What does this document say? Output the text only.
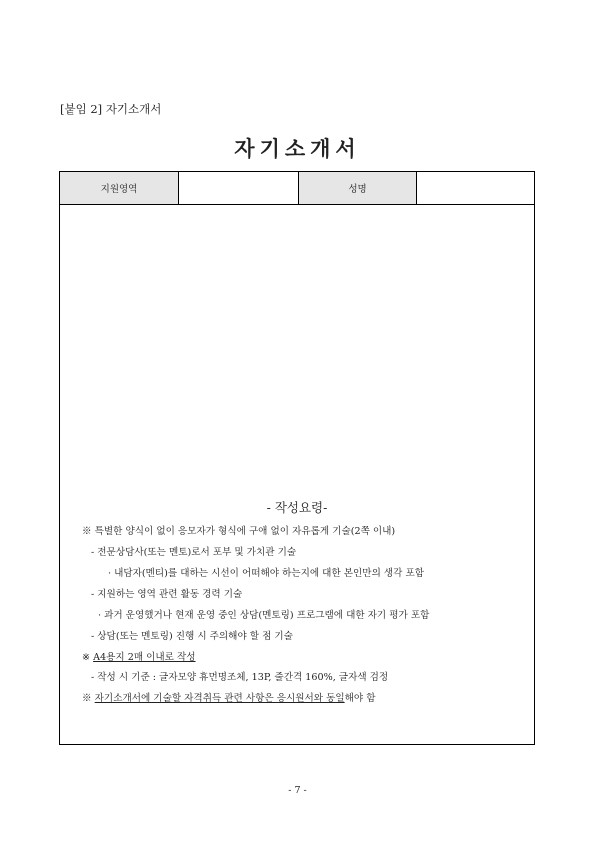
[붙임 2] 자기소개서
자기소개서
지원영역	성명
- 작성요령-
※ 특별한 양식이 없이 응모자가 형식에 구애 없이 자유롭게 기술(2쪽 이내)
- 전문상담사(또는 멘토)로서 포부 및 가치관 기술
· 내담자(멘티)를 대하는 시선이 어떠해야 하는지에 대한 본인만의 생각 포함
- 지원하는 영역 관련 활동 경력 기술
· 과거 운영했거나 현재 운영 중인 상담(멘토링) 프로그램에 대한 자기 평가 포함
- 상담(또는 멘토링) 진행 시 주의해야 할 점 기술
※ A4용지 2매 이내로 작성
- 작성 시 기준 : 글자모양 휴먼명조체, 13P, 줄간격 160%, 글자색 검정
※ 자기소개서에 기술할 자격취득 관련 사항은 응시원서와 동일해야 함
- 7 -
